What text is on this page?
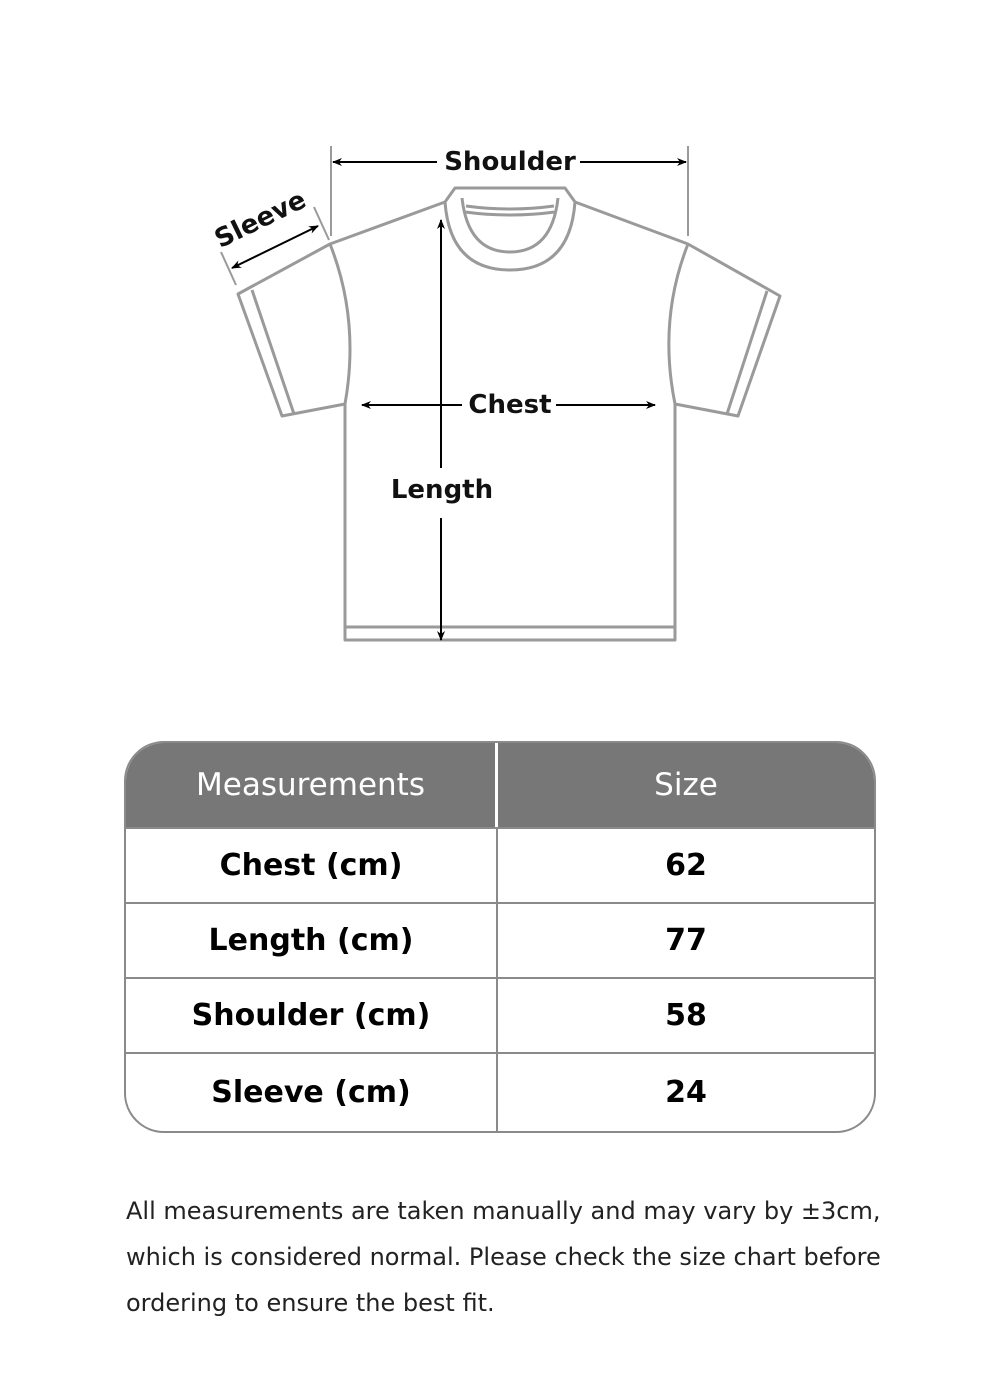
Shoulder
Sleeve
Chest
Length
Measurements	Size
Chest (cm)	62
Length (cm)	77
Shoulder (cm)	58
Sleeve (cm)	24

All measurements are taken manually and may vary by ±3cm,
which is considered normal. Please check the size chart before
ordering to ensure the best fit.
